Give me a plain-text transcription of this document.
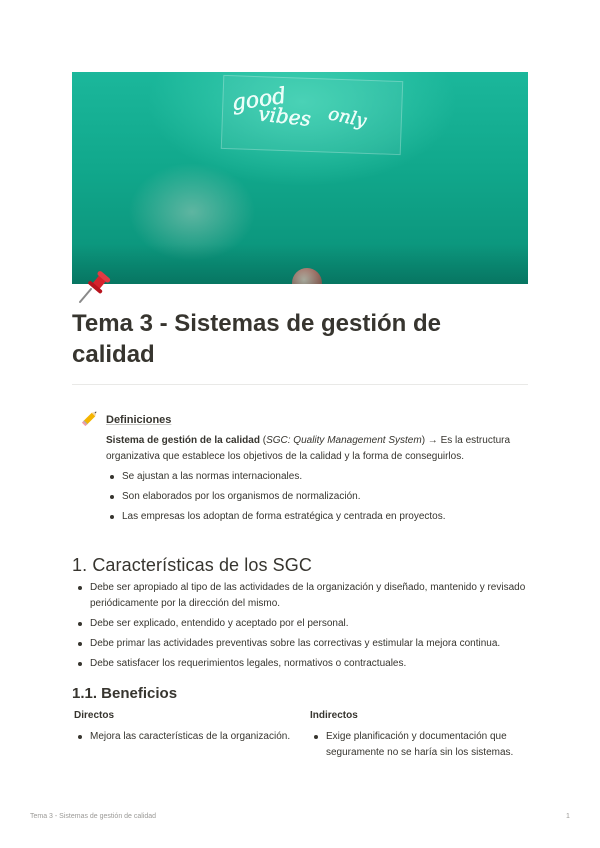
good
vibes only
Tema 3 - Sistemas de gestión de calidad
Definiciones

Sistema de gestión de la calidad (SGC: Quality Management System) → Es la estructura organizativa que establece los objetivos de la calidad y la forma de conseguirlos.

Se ajustan a las normas internacionales.
Son elaborados por los organismos de normalización.
Las empresas los adoptan de forma estratégica y centrada en proyectos.
1. Características de los SGC
Debe ser apropiado al tipo de las actividades de la organización y diseñado, mantenido y revisado periódicamente por la dirección del mismo.
Debe ser explicado, entendido y aceptado por el personal.
Debe primar las actividades preventivas sobre las correctivas y estimular la mejora continua.
Debe satisfacer los requerimientos legales, normativos o contractuales.
1.1. Beneficios
Directos
Mejora las características de la organización.
Indirectos
Exige planificación y documentación que seguramente no se haría sin los sistemas.
Tema 3 - Sistemas de gestión de calidad	1
